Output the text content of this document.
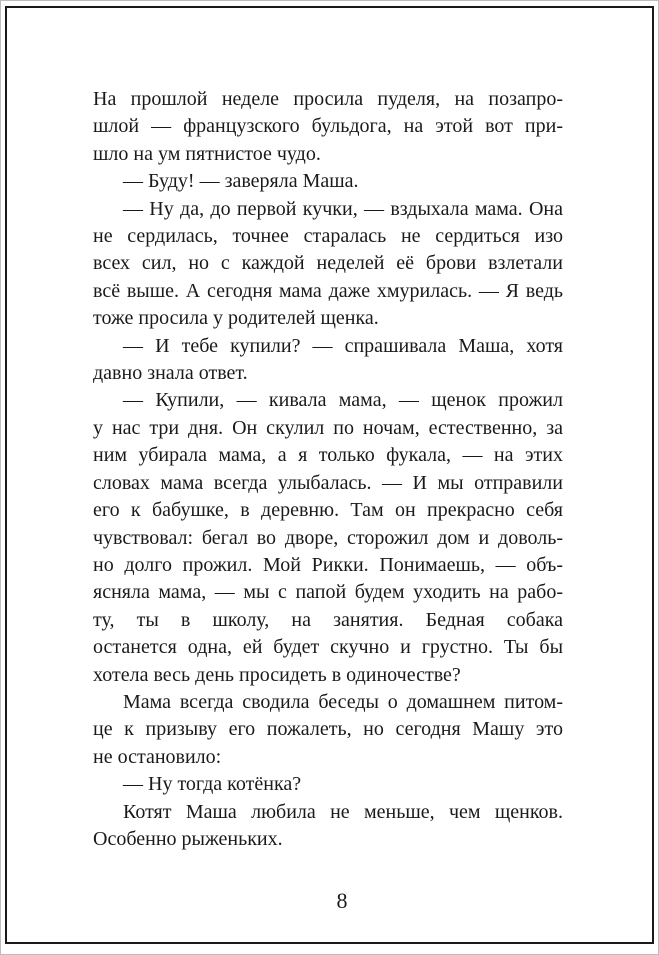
На прошлой неделе просила пуделя, на позапро-
шлой — французского бульдога, на этой вот при-
шло на ум пятнистое чудо.
— Буду! — заверяла Маша.
— Ну да, до первой кучки, — вздыхала мама. Она
не сердилась, точнее старалась не сердиться изо
всех сил, но с каждой неделей её брови взлетали
всё выше. А сегодня мама даже хмурилась. — Я ведь
тоже просила у родителей щенка.
— И тебе купили? — спрашивала Маша, хотя
давно знала ответ.
— Купили, — кивала мама, — щенок прожил
у нас три дня. Он скулил по ночам, естественно, за
ним убирала мама, а я только фукала, — на этих
словах мама всегда улыбалась. — И мы отправили
его к бабушке, в деревню. Там он прекрасно себя
чувствовал: бегал во дворе, сторожил дом и доволь-
но долго прожил. Мой Рикки. Понимаешь, — объ-
ясняла мама, — мы с папой будем уходить на рабо-
ту, ты в школу, на занятия. Бедная собака
останется одна, ей будет скучно и грустно. Ты бы
хотела весь день просидеть в одиночестве?
Мама всегда сводила беседы о домашнем питом-
це к призыву его пожалеть, но сегодня Машу это
не остановило:
— Ну тогда котёнка?
Котят Маша любила не меньше, чем щенков.
Особенно рыженьких.
8
